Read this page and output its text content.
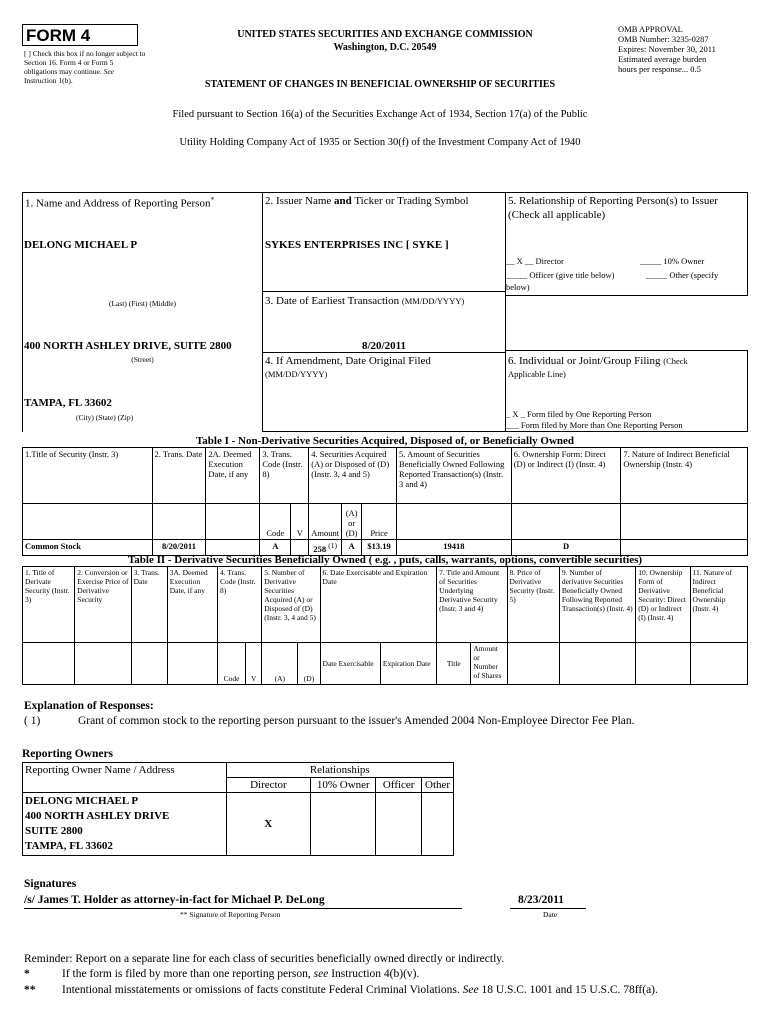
FORM 4
[ ] Check this box if no longer subject to Section 16. Form 4 or Form 5 obligations may continue. See Instruction 1(b).
UNITED STATES SECURITIES AND EXCHANGE COMMISSION
Washington, D.C. 20549
STATEMENT OF CHANGES IN BENEFICIAL OWNERSHIP OF SECURITIES
OMB APPROVAL
OMB Number: 3235-0287
Expires: November 30, 2011
Estimated average burden
hours per response... 0.5
Filed pursuant to Section 16(a) of the Securities Exchange Act of 1934, Section 17(a) of the Public
Utility Holding Company Act of 1935 or Section 30(f) of the Investment Company Act of 1940
1. Name and Address of Reporting Person*
DELONG MICHAEL P
(Last) (First) (Middle)
400 NORTH ASHLEY DRIVE, SUITE 2800
(Street)
TAMPA, FL 33602
(City) (State) (Zip)
2. Issuer Name and Ticker or Trading Symbol
SYKES ENTERPRISES INC [ SYKE ]
3. Date of Earliest Transaction (MM/DD/YYYY)
8/20/2011
4. If Amendment, Date Original Filed
(MM/DD/YYYY)
5. Relationship of Reporting Person(s) to Issuer
(Check all applicable)
__ X __ Director	_____ 10% Owner
_____ Officer (give title below)	_____ Other (specify
below)
6. Individual or Joint/Group Filing (Check
Applicable Line)
_ X _ Form filed by One Reporting Person
___ Form filed by More than One Reporting Person
Table I - Non-Derivative Securities Acquired, Disposed of, or Beneficially Owned
1.Title of Security (Instr. 3)	2. Trans. Date	2A. Deemed Execution Date, if any	3. Trans. Code (Instr. 8)		4. Securities Acquired (A) or Disposed of (D) (Instr. 3, 4 and 5)			5. Amount of Securities Beneficially Owned Following Reported Transaction(s) (Instr. 3 and 4)	6. Ownership Form: Direct (D) or Indirect (I) (Instr. 4)	7. Nature of Indirect Beneficial Ownership (Instr. 4)
			Code	V	Amount	(A) or (D)	Price			
Common Stock	8/20/2011		A		258 $^{(1)}$	A	$13.19	19418	D	
Table II - Derivative Securities Beneficially Owned ( e.g. , puts, calls, warrants, options, convertible securities)
1. Title of Derivate Security (Instr. 3)	2. Conversion or Exercise Price of Derivative Security	3. Trans. Date	3A. Deemed Execution Date, if any	4. Trans. Code (Instr. 8)		5. Number of Derivative Securities Acquired (A) or Disposed of (D) (Instr. 3, 4 and 5)		6. Date Exercisable and Expiration Date		7. Title and Amount of Securities Underlying Derivative Security (Instr. 3 and 4)		8. Price of Derivative Security (Instr. 5)	9. Number of derivative Securities Beneficially Owned Following Reported Transaction(s) (Instr. 4)	10. Ownership Form of Derivative Security: Direct (D) or Indirect (I) (Instr. 4)	11. Nature of Indirect Beneficial Ownership (Instr. 4)
				Code	V	(A)	(D)	Date Exercisable	Expiration Date	Title	Amount or Number of Shares				
Explanation of Responses:
( 1)	Grant of common stock to the reporting person pursuant to the issuer's Amended 2004 Non-Employee Director Fee Plan.
Reporting Owners
Reporting Owner Name / Address	Relationships			
	Director	10% Owner	Officer	Other

DELONG MICHAEL P
400 NORTH ASHLEY DRIVE
SUITE 2800
TAMPA, FL 33602	X			
Signatures
/s/ James T. Holder as attorney-in-fact for Michael P. DeLong
** Signature of Reporting Person
8/23/2011
Date
Reminder: Report on a separate line for each class of securities beneficially owned directly or indirectly.
*	If the form is filed by more than one reporting person, see Instruction 4(b)(v).
** Intentional misstatements or omissions of facts constitute Federal Criminal Violations. See 18 U.S.C. 1001 and 15 U.S.C. 78ff(a).
